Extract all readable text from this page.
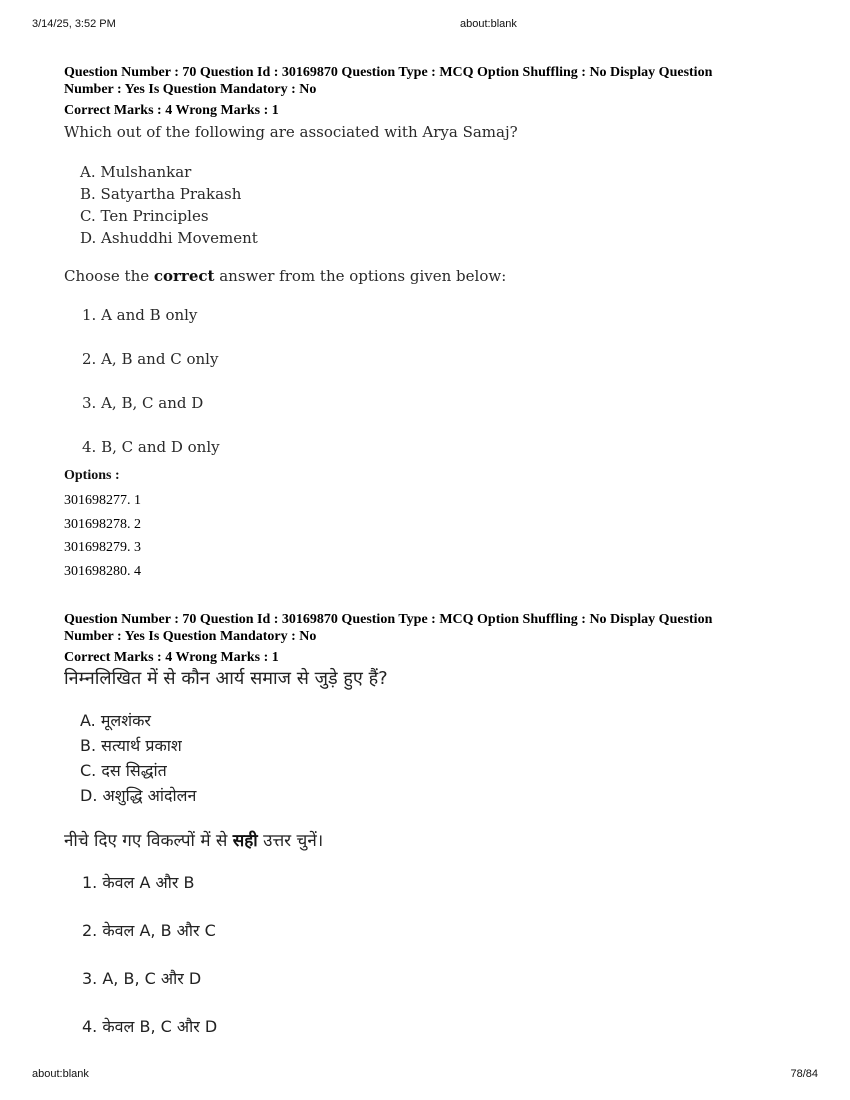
3/14/25, 3:52 PM	about:blank
Question Number : 70 Question Id : 30169870 Question Type : MCQ Option Shuffling : No Display Question
Number : Yes Is Question Mandatory : No
Correct Marks : 4 Wrong Marks : 1
Which out of the following are associated with Arya Samaj?
A. Mulshankar
B. Satyartha Prakash
C. Ten Principles
D. Ashuddhi Movement
Choose the correct answer from the options given below:
1. A and B only
2. A, B and C only
3. A, B, C and D
4. B, C and D only
Options :
301698277. 1
301698278. 2
301698279. 3
301698280. 4
Question Number : 70 Question Id : 30169870 Question Type : MCQ Option Shuffling : No Display Question
Number : Yes Is Question Mandatory : No
Correct Marks : 4 Wrong Marks : 1
निम्नलिखित में से कौन आर्य समाज से जुड़े हुए हैं?
A. मूलशंकर
B. सत्यार्थ प्रकाश
C. दस सिद्धांत
D. अशुद्धि आंदोलन
नीचे दिए गए विकल्पों में से सही उत्तर चुनें।
1. केवल A और B
2. केवल A, B और C
3. A, B, C और D
4. केवल B, C और D
about:blank	78/84
